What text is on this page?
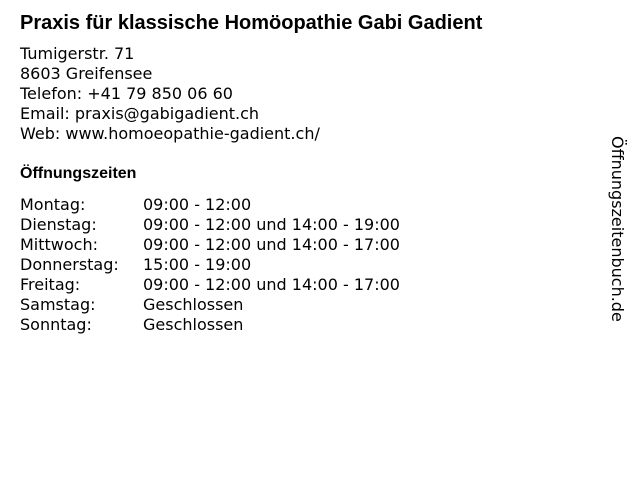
Praxis für klassische Homöopathie Gabi Gadient
Tumigerstr. 71
8603 Greifensee
Telefon: +41 79 850 06 60
Email: praxis@gabigadient.ch
Web: www.homoeopathie-gadient.ch/
Öffnungszeiten
Montag:	09:00 - 12:00
Dienstag:	09:00 - 12:00 und 14:00 - 19:00
Mittwoch:	09:00 - 12:00 und 14:00 - 17:00
Donnerstag:	15:00 - 19:00
Freitag:	09:00 - 12:00 und 14:00 - 17:00
Samstag:	Geschlossen
Sonntag:	Geschlossen
Öffnungszeitenbuch.de
